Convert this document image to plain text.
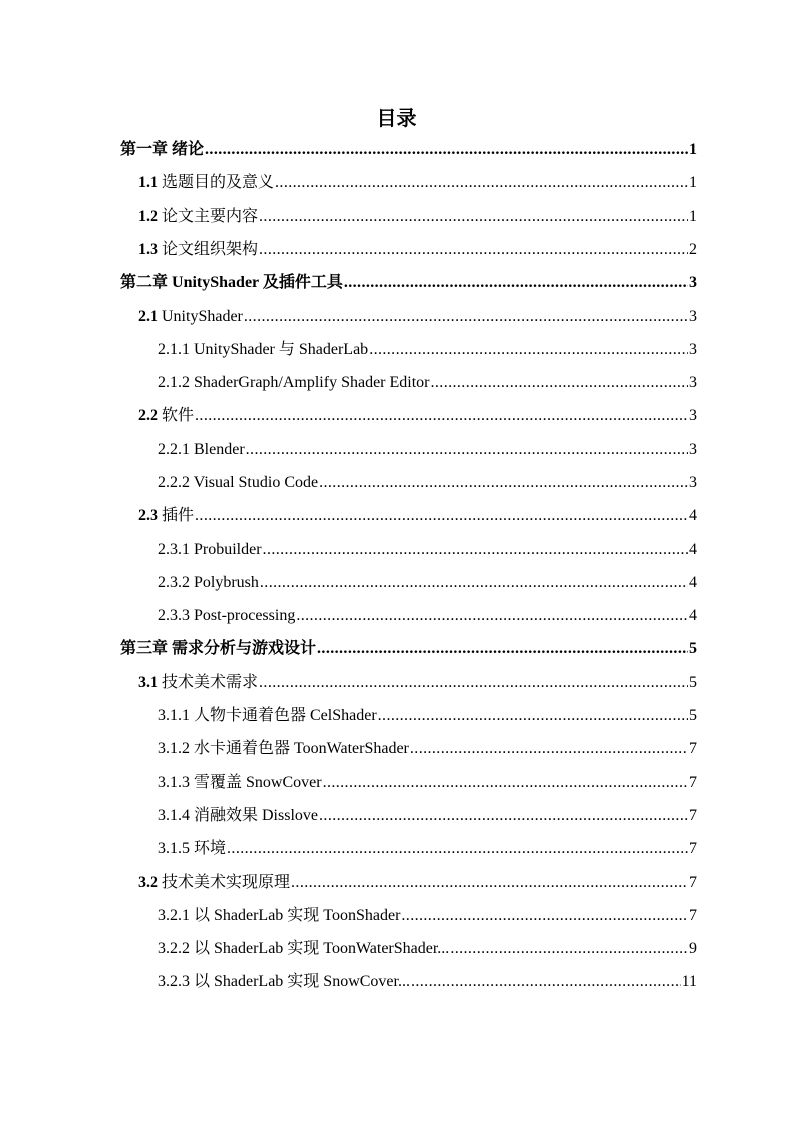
目录
第一章 绪论 .....	1
1.1 选题目的及意义 .....	1
1.2 论文主要内容 .....	1
1.3 论文组织架构 .....	2
第二章 UnityShader 及插件工具 .....	3
2.1 UnityShader .....	3
2.1.1 UnityShader 与 ShaderLab .....	3
2.1.2 ShaderGraph/Amplify Shader Editor .....	3
2.2 软件 .....	3
2.2.1 Blender .....	3
2.2.2 Visual Studio Code .....	3
2.3 插件 .....	4
2.3.1 Probuilder .....	4
2.3.2 Polybrush .....	4
2.3.3 Post-processing .....	4
第三章 需求分析与游戏设计 .....	5
3.1 技术美术需求 .....	5
3.1.1 人物卡通着色器 CelShader .....	5
3.1.2 水卡通着色器 ToonWaterShader .....	7
3.1.3 雪覆盖 SnowCover .....	7
3.1.4 消融效果 Disslove .....	7
3.1.5 环境 .....	7
3.2 技术美术实现原理 .....	7
3.2.1 以 ShaderLab 实现 ToonShader .....	7
3.2.2 以 ShaderLab 实现 ToonWaterShader... .....	9
3.2.3 以 ShaderLab 实现 SnowCover... .....	11
